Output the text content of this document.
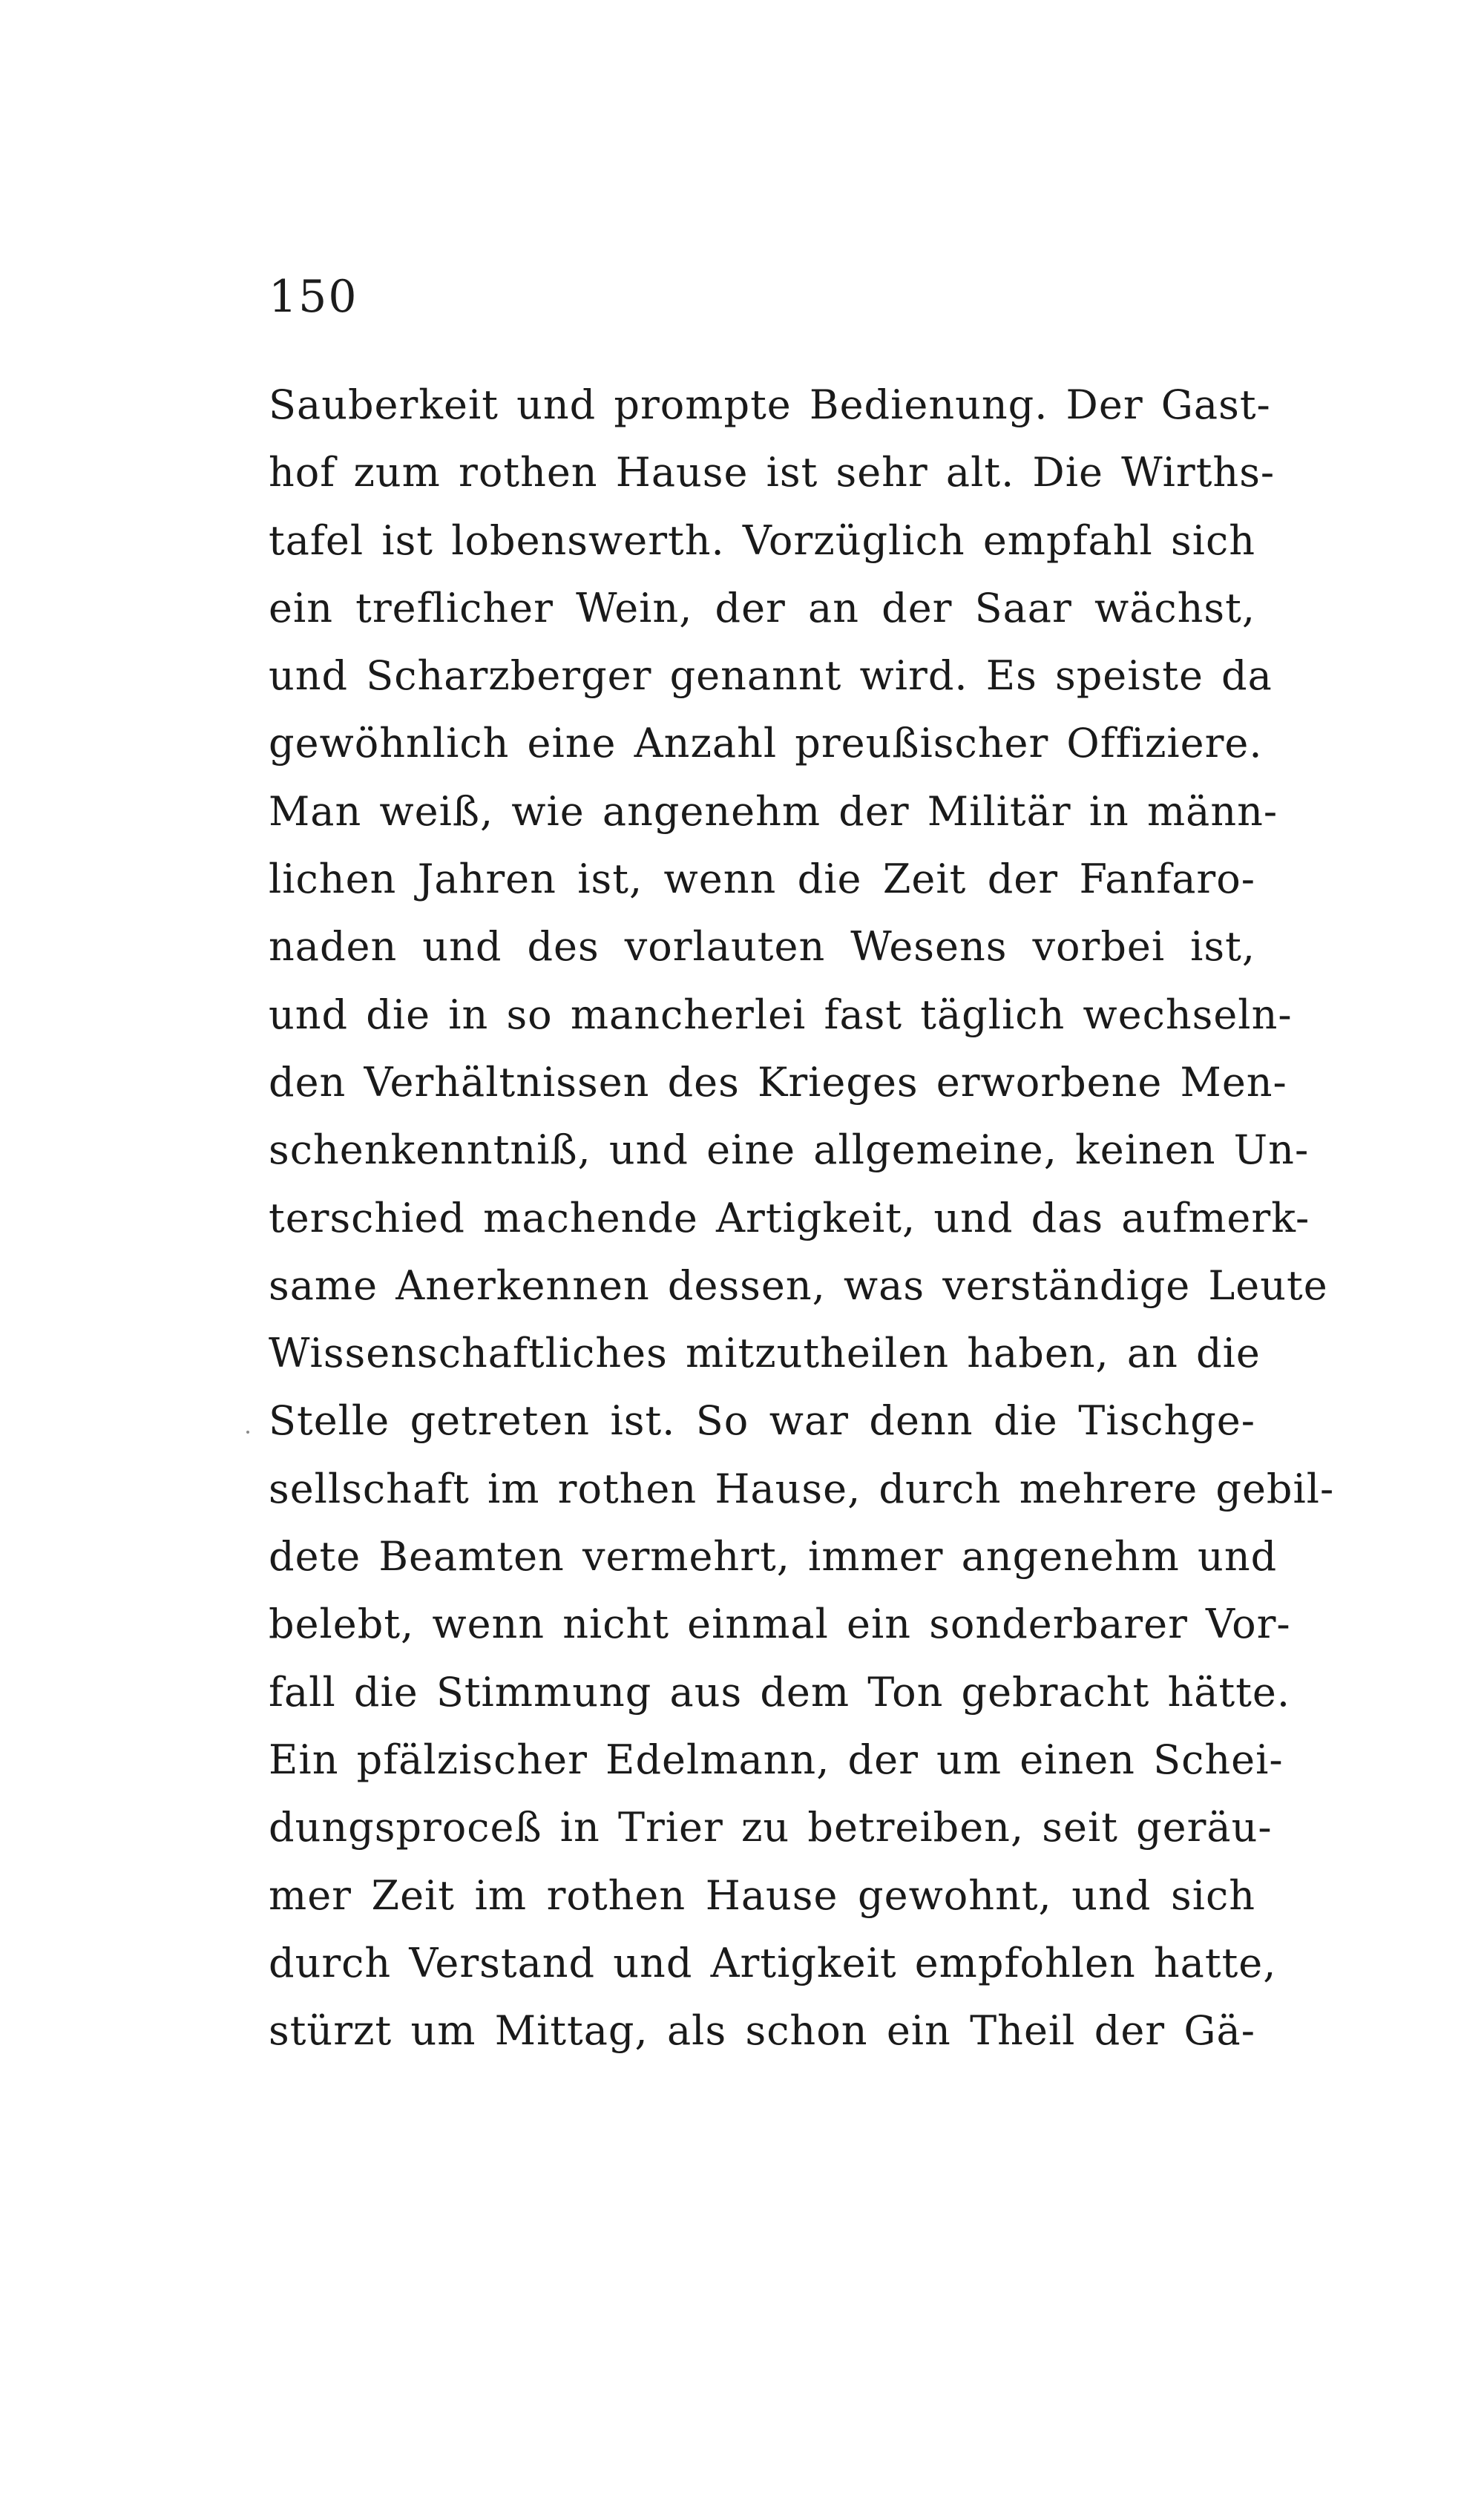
150
Sauberkeit und prompte Bedienung. Der Gast-
hof zum rothen Hause ist sehr alt. Die Wirths-
tafel ist lobenswerth. Vorzüglich empfahl sich
ein treflicher Wein, der an der Saar wächst,
und Scharzberger genannt wird. Es speiste da
gewöhnlich eine Anzahl preußischer Offiziere.
Man weiß, wie angenehm der Militär in männ-
lichen Jahren ist, wenn die Zeit der Fanfaro-
naden und des vorlauten Wesens vorbei ist,
und die in so mancherlei fast täglich wechseln-
den Verhältnissen des Krieges erworbene Men-
schenkenntniß, und eine allgemeine, keinen Un-
terschied machende Artigkeit, und das aufmerk-
same Anerkennen dessen, was verständige Leute
Wissenschaftliches mitzutheilen haben, an die
Stelle getreten ist. So war denn die Tischge-
sellschaft im rothen Hause, durch mehrere gebil-
dete Beamten vermehrt, immer angenehm und
belebt, wenn nicht einmal ein sonderbarer Vor-
fall die Stimmung aus dem Ton gebracht hätte.
Ein pfälzischer Edelmann, der um einen Schei-
dungsproceß in Trier zu betreiben, seit geräu-
mer Zeit im rothen Hause gewohnt, und sich
durch Verstand und Artigkeit empfohlen hatte,
stürzt um Mittag, als schon ein Theil der Gä-
